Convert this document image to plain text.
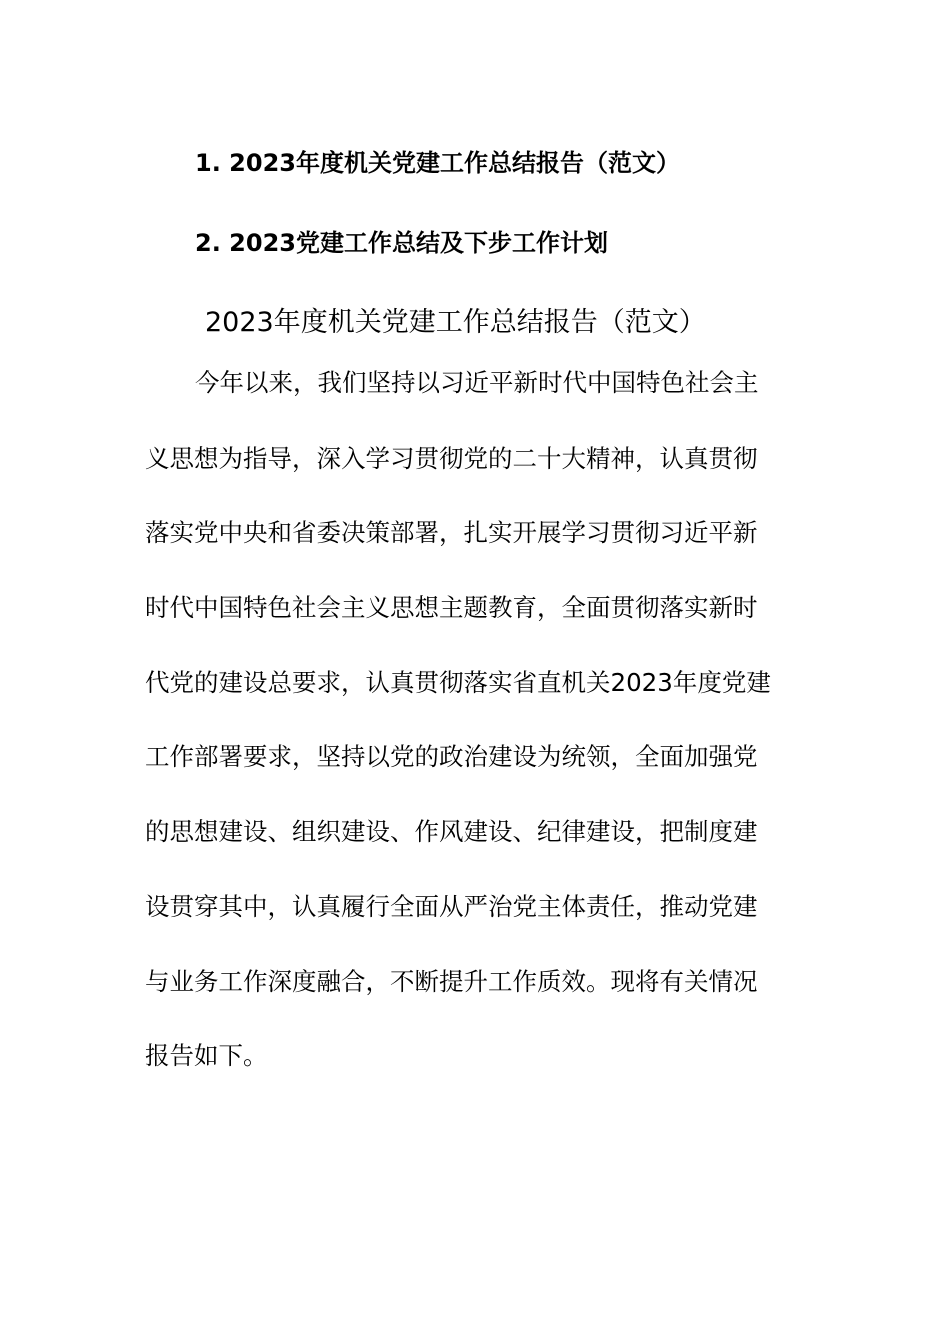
1. 2023年度机关党建工作总结报告（范文）
2. 2023党建工作总结及下步工作计划
2023年度机关党建工作总结报告（范文）
今年以来，我们坚持以习近平新时代中国特色社会主
义思想为指导，深入学习贯彻党的二十大精神，认真贯彻
落实党中央和省委决策部署，扎实开展学习贯彻习近平新
时代中国特色社会主义思想主题教育，全面贯彻落实新时
代党的建设总要求，认真贯彻落实省直机关2023年度党建
工作部署要求，坚持以党的政治建设为统领，全面加强党
的思想建设、组织建设、作风建设、纪律建设，把制度建
设贯穿其中，认真履行全面从严治党主体责任，推动党建
与业务工作深度融合，不断提升工作质效。现将有关情况
报告如下。
